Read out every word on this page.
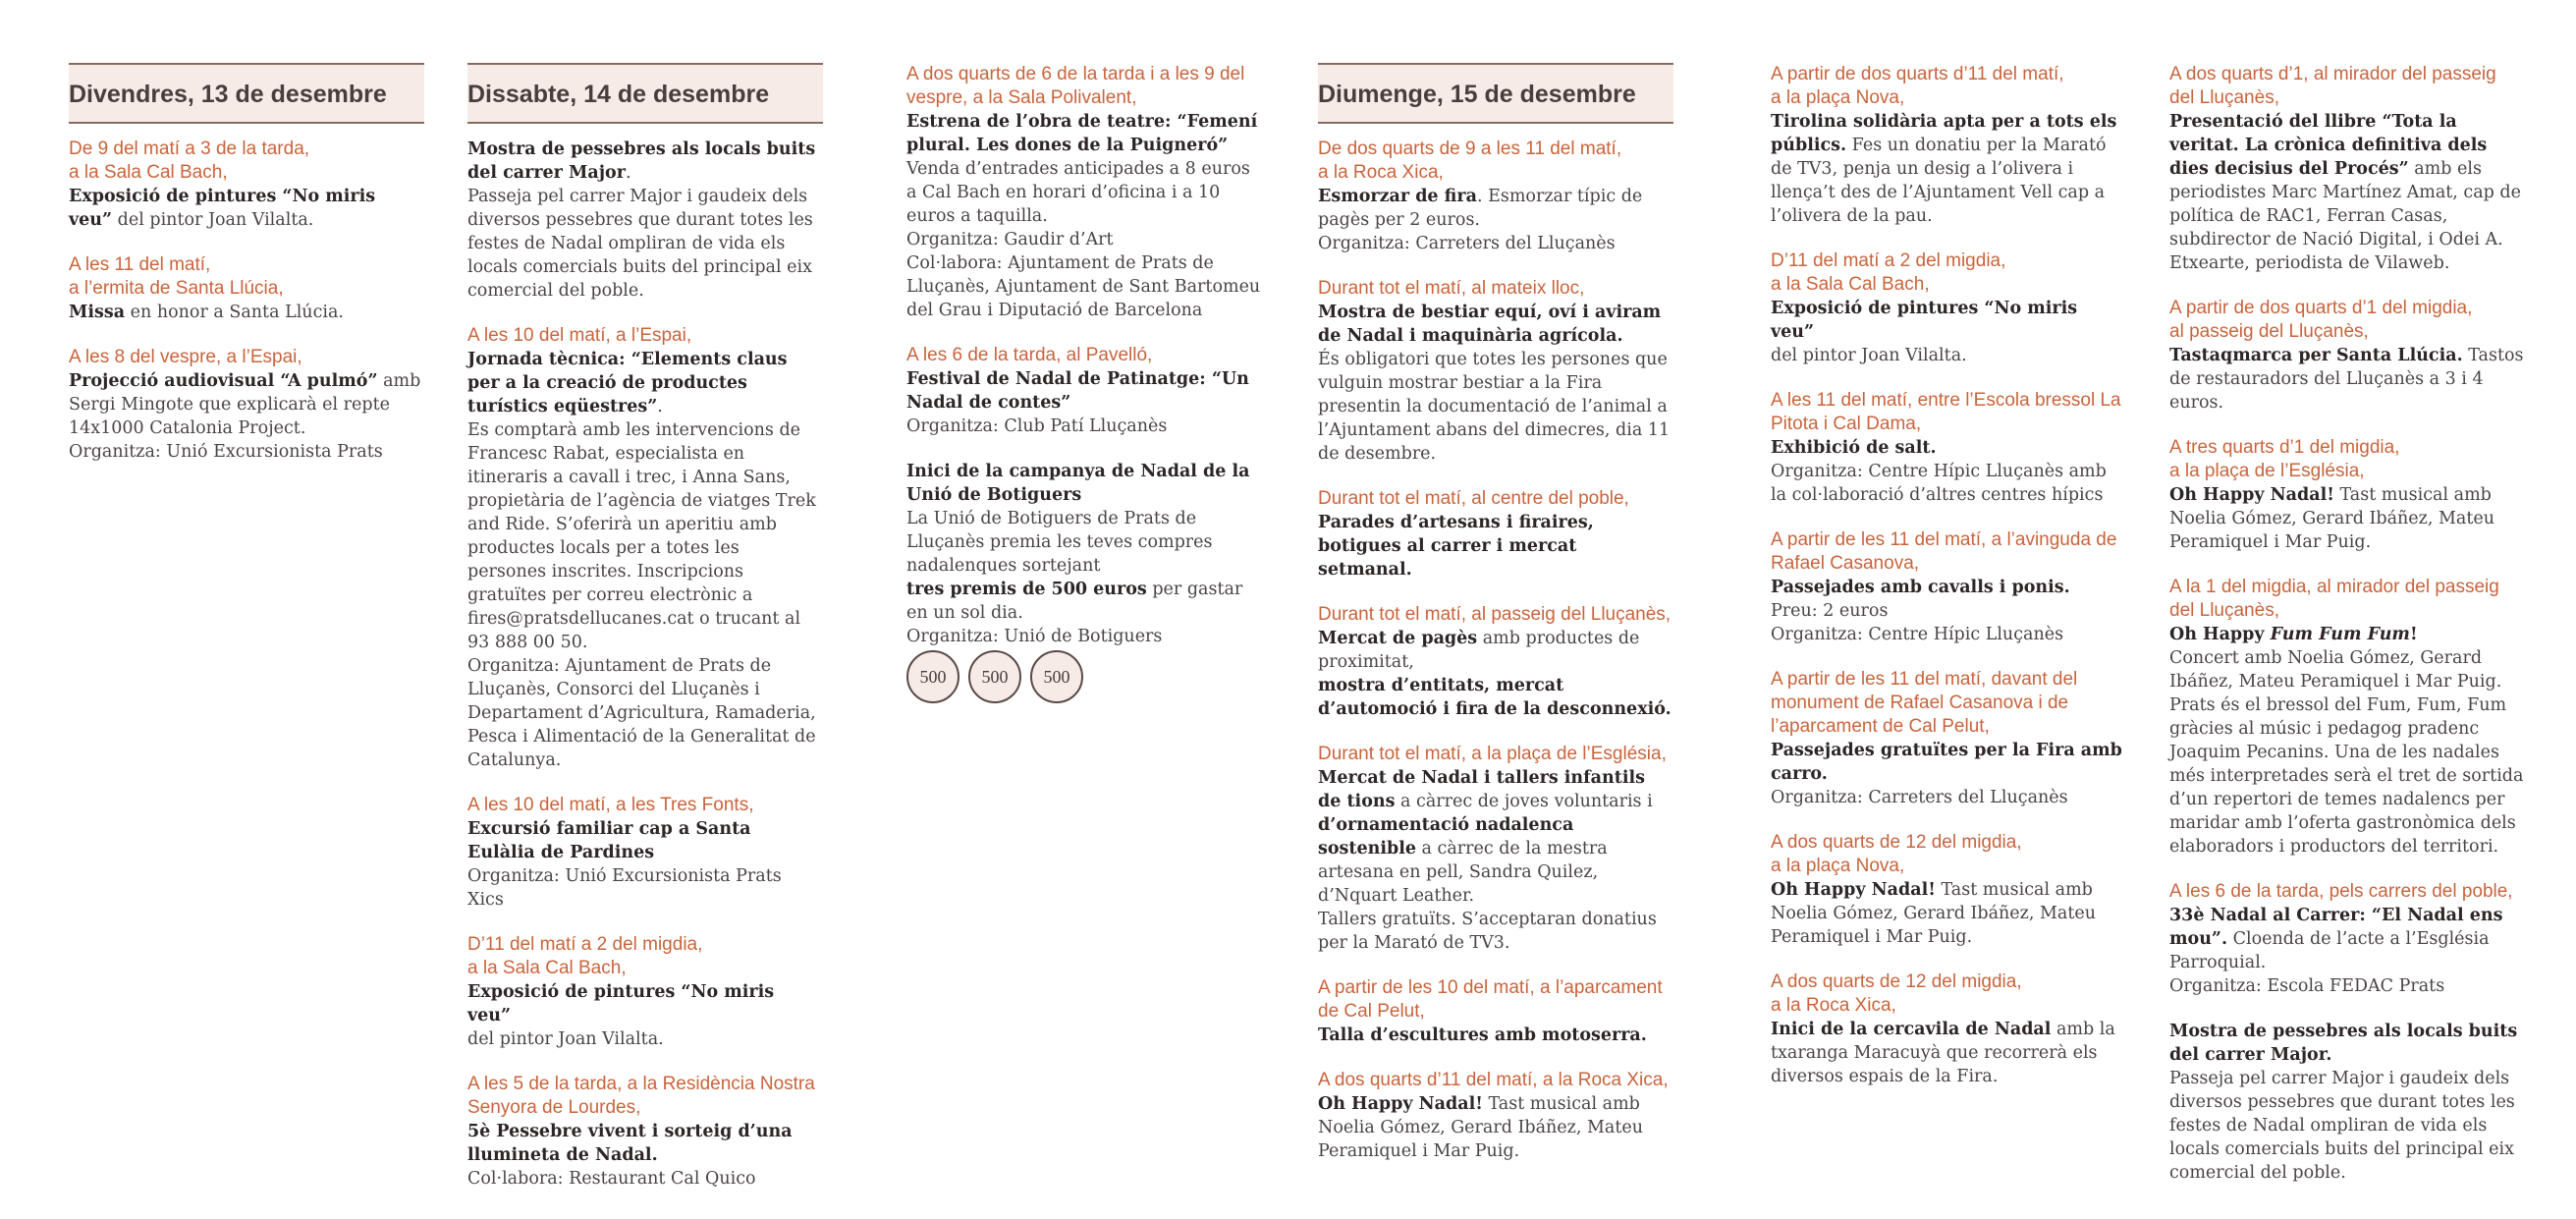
Divendres, 13 de desembre
De 9 del matí a 3 de la tarda,
a la Sala Cal Bach,
Exposició de pintures “No miris veu” del pintor Joan Vilalta.
A les 11 del matí,
a l’ermita de Santa Llúcia,
Missa en honor a Santa Llúcia.
A les 8 del vespre, a l’Espai,
Projecció audiovisual “A pulmó” amb Sergi Mingote que explicarà el repte 14x1000 Catalonia Project.
Organitza: Unió Excursionista Prats
Dissabte, 14 de desembre
Mostra de pessebres als locals buits del carrer Major.
Passeja pel carrer Major i gaudeix dels diversos pessebres que durant totes les festes de Nadal ompliran de vida els locals comercials buits del principal eix comercial del poble.
A les 10 del matí, a l’Espai,
Jornada tècnica: “Elements claus per a la creació de productes turístics eqüestres”.
Es comptarà amb les intervencions de Francesc Rabat, especialista en itineraris a cavall i trec, i Anna Sans, propietària de l’agència de viatges Trek and Ride. S’oferirà un aperitiu amb productes locals per a totes les persones inscrites. Inscripcions gratuïtes per correu electrònic a fires@pratsdellucanes.cat o trucant al 93 888 00 50.
Organitza: Ajuntament de Prats de Lluçanès, Consorci del Lluçanès i Departament d’Agricultura, Ramaderia, Pesca i Alimentació de la Generalitat de Catalunya.
A les 10 del matí, a les Tres Fonts,
Excursió familiar cap a Santa Eulàlia de Pardines
Organitza: Unió Excursionista Prats Xics
D’11 del matí a 2 del migdia,
a la Sala Cal Bach,
Exposició de pintures “No miris veu”
del pintor Joan Vilalta.
A les 5 de la tarda, a la Residència Nostra Senyora de Lourdes,
5è Pessebre vivent i sorteig d’una llumineta de Nadal.
Col·labora: Restaurant Cal Quico
A dos quarts de 6 de la tarda i a les 9 del vespre, a la Sala Polivalent,
Estrena de l’obra de teatre: “Femení plural. Les dones de la Puigneró”
Venda d’entrades anticipades a 8 euros a Cal Bach en horari d’oficina i a 10 euros a taquilla.
Organitza: Gaudir d’Art
Col·labora: Ajuntament de Prats de Lluçanès, Ajuntament de Sant Bartomeu del Grau i Diputació de Barcelona
A les 6 de la tarda, al Pavelló,
Festival de Nadal de Patinatge: “Un Nadal de contes”
Organitza: Club Patí Lluçanès
Inici de la campanya de Nadal de la Unió de Botiguers
La Unió de Botiguers de Prats de Lluçanès premia les teves compres nadalenques sortejant
tres premis de 500 euros per gastar en un sol dia.
Organitza: Unió de Botiguers
500	500	500
Diumenge, 15 de desembre
De dos quarts de 9 a les 11 del matí,
a la Roca Xica,
Esmorzar de fira. Esmorzar típic de pagès per 2 euros.
Organitza: Carreters del Lluçanès
Durant tot el matí, al mateix lloc,
Mostra de bestiar equí, oví i aviram de Nadal i maquinària agrícola.
És obligatori que totes les persones que vulguin mostrar bestiar a la Fira presentin la documentació de l’animal a l’Ajuntament abans del dimecres, dia 11 de desembre.
Durant tot el matí, al centre del poble,
Parades d’artesans i firaires, botigues al carrer i mercat setmanal.
Durant tot el matí, al passeig del Lluçanès,
Mercat de pagès amb productes de proximitat,
mostra d’entitats, mercat d’automoció i fira de la desconnexió.
Durant tot el matí, a la plaça de l’Església,
Mercat de Nadal i tallers infantils de tions a càrrec de joves voluntaris i
d’ornamentació nadalenca sostenible a càrrec de la mestra artesana en pell, Sandra Quilez, d’Nquart Leather.
Tallers gratuïts. S’acceptaran donatius per la Marató de TV3.
A partir de les 10 del matí, a l’aparcament de Cal Pelut,
Talla d’escultures amb motoserra.
A dos quarts d’11 del matí, a la Roca Xica,
Oh Happy Nadal! Tast musical amb Noelia Gómez, Gerard Ibáñez, Mateu Peramiquel i Mar Puig.
A partir de dos quarts d’11 del matí,
a la plaça Nova,
Tirolina solidària apta per a tots els públics. Fes un donatiu per la Marató de TV3, penja un desig a l’olivera i llença’t des de l’Ajuntament Vell cap a l’olivera de la pau.
D’11 del matí a 2 del migdia,
a la Sala Cal Bach,
Exposició de pintures “No miris veu”
del pintor Joan Vilalta.
A les 11 del matí, entre l’Escola bressol La Pitota i Cal Dama,
Exhibició de salt.
Organitza: Centre Hípic Lluçanès amb la col·laboració d’altres centres hípics
A partir de les 11 del matí, a l’avinguda de Rafael Casanova,
Passejades amb cavalls i ponis.
Preu: 2 euros
Organitza: Centre Hípic Lluçanès
A partir de les 11 del matí, davant del monument de Rafael Casanova i de l’aparcament de Cal Pelut,
Passejades gratuïtes per la Fira amb carro.
Organitza: Carreters del Lluçanès
A dos quarts de 12 del migdia,
a la plaça Nova,
Oh Happy Nadal! Tast musical amb Noelia Gómez, Gerard Ibáñez, Mateu Peramiquel i Mar Puig.
A dos quarts de 12 del migdia,
a la Roca Xica,
Inici de la cercavila de Nadal amb la txaranga Maracuyà que recorrerà els diversos espais de la Fira.
A dos quarts d’1, al mirador del passeig del Lluçanès,
Presentació del llibre “Tota la veritat. La crònica definitiva dels dies decisius del Procés” amb els periodistes Marc Martínez Amat, cap de política de RAC1, Ferran Casas, subdirector de Nació Digital, i Odei A. Etxearte, periodista de Vilaweb.
A partir de dos quarts d’1 del migdia,
al passeig del Lluçanès,
Tastaqmarca per Santa Llúcia. Tastos de restauradors del Lluçanès a 3 i 4 euros.
A tres quarts d’1 del migdia,
a la plaça de l’Església,
Oh Happy Nadal! Tast musical amb Noelia Gómez, Gerard Ibáñez, Mateu Peramiquel i Mar Puig.
A la 1 del migdia, al mirador del passeig del Lluçanès,
Oh Happy Fum Fum Fum!
Concert amb Noelia Gómez, Gerard Ibáñez, Mateu Peramiquel i Mar Puig. Prats és el bressol del Fum, Fum, Fum gràcies al músic i pedagog pradenc Joaquim Pecanins. Una de les nadales més interpretades serà el tret de sortida d’un repertori de temes nadalencs per maridar amb l’oferta gastronòmica dels elaboradors i productors del territori.
A les 6 de la tarda, pels carrers del poble,
33è Nadal al Carrer: “El Nadal ens mou”. Cloenda de l’acte a l’Església Parroquial.
Organitza: Escola FEDAC Prats
Mostra de pessebres als locals buits del carrer Major.
Passeja pel carrer Major i gaudeix dels diversos pessebres que durant totes les festes de Nadal ompliran de vida els locals comercials buits del principal eix comercial del poble.
